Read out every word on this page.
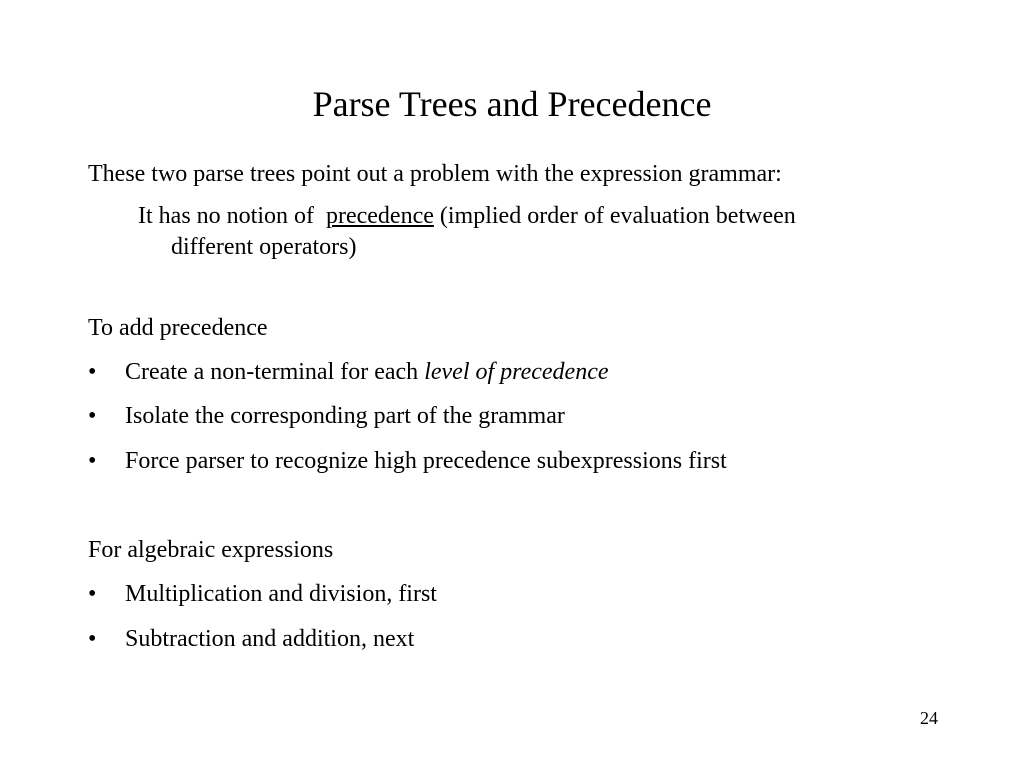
Parse Trees and Precedence
These two parse trees point out a problem with the expression grammar:
It has no notion of precedence (implied order of evaluation between
different operators)
To add precedence
• Create a non-terminal for each level of precedence
• Isolate the corresponding part of the grammar
• Force parser to recognize high precedence subexpressions first
For algebraic expressions
• Multiplication and division, first
• Subtraction and addition, next
24
